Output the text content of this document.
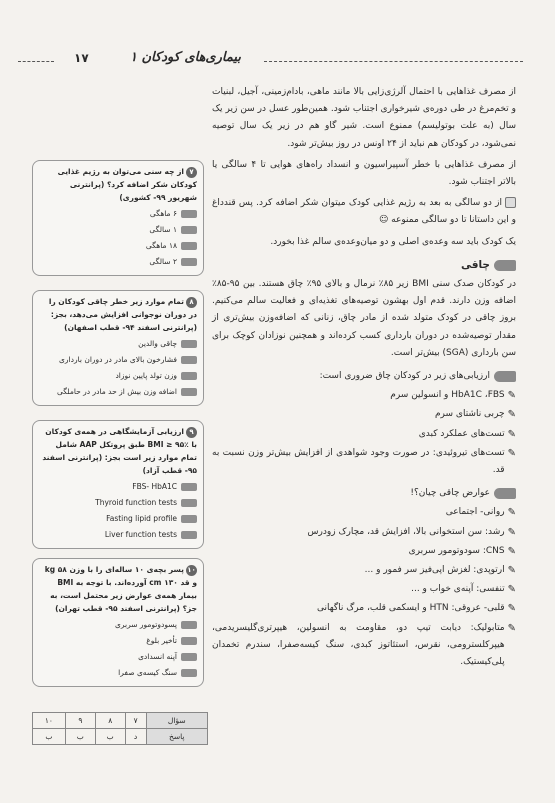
۱۷	بیماری‌های کودکان ۱

از مصرف غذاهایی با احتمال آلرژی‌زایی بالا مانند ماهی، بادام‌زمینی، آجیل، لبنیات و تخم‌مرغ در طی دوره‌ی شیرخواری اجتناب شود. همین‌طور عسل در سن زیر یک سال (به علت بوتولیسم) ممنوع است. شیر گاو هم در زیر یک سال توصیه نمی‌شود، در کودکان هم نباید از ۲۴ اونس در روز بیش‌تر شود.

از مصرف غذاهایی با خطر آسپیراسیون و انسداد راه‌های هوایی تا ۴ سالگی یا بالاتر اجتناب شود.

از دو سالگی به بعد به رژیم غذایی کودک میتوان شکر اضافه کرد. پس قندداغ و این داستانا تا دو سالگی ممنوعه ☺

یک کودک باید سه وعده‌ی اصلی و دو میان‌وعده‌ی سالم غذا بخورد.

چاقی

در کودکان صدک سنی BMI زیر ۸۵٪ نرمال و بالای ۹۵٪ چاق هستند. بین ۹۵-۸۵٪ اضافه وزن دارند. قدم اول بهشون توصیه‌های تغذیه‌ای و فعالیت سالم می‌کنیم. بروز چاقی در کودک متولد شده از مادر چاق، زنانی که اضافه‌وزن بیش‌تری از مقدار توصیه‌شده در دوران بارداری کسب کرده‌اند و همچنین نوزادان کوچک برای سن بارداری (SGA) بیش‌تر است.

ارزیابی‌های زیر در کودکان چاق ضروری است:
✎
HbA1C ،FBS و انسولین سرم
✎
چربی ناشتای سرم
✎
تست‌های عملکرد کبدی
✎
تست‌های تیروئیدی: در صورت وجود شواهدی از افزایش بیش‌تر وزن نسبت به قد.
عوارض چاقی چیان؟!
✎
روانی- اجتماعی
✎
رشد: سن استخوانی بالا، افزایش قد، مچارک زودرس
✎
CNS: سودوتومور سربری
✎
ارتوپدی: لغزش اپی‌فیز سر فمور و ...
✎
تنفسی: آپنه‌ی خواب و ...
✎
قلبی- عروقی: HTN و ایسکمی قلب، مرگ ناگهانی
✎
متابولیک: دیابت تیپ دو، مقاومت به انسولین، هیپرتری‌گلیسریدمی، هیپرکلسترومی، نقرس، استئاتوز کبدی، سنگ کیسه‌صفرا، سندرم تخمدان پلی‌کیستیک.
۷از چه سنی می‌توان به رژیم غذایی کودکان شکر اضافه کرد؟ (پرانترنی شهریور ۹۹- کشوری)
۶ ماهگی
۱ سالگی
۱۸ ماهگی
۲ سالگی
۸تمام موارد زیر خطر چاقی کودکان را در دوران نوجوانی افزایش می‌دهد، بجز: (پرانترنی اسفند ۹۴- قطب اصفهان)
چاقی والدین
فشارخون بالای مادر در دوران بارداری
وزن تولد پایین نوزاد
اضافه وزن بیش از حد مادر در حاملگی
۹ارزیابی آزمایشگاهی در همه‌ی کودکان با BMI ≥ ۹۵٪ طبق پروتکل AAP شامل تمام موارد زیر است بجز: (پرانترنی اسفند ۹۵- قطب آزاد)
FBS- HbA1C
Thyroid function tests
Fasting lipid profile
Liver function tests
۱۰پسر بچه‌ی ۱۰ ساله‌ای را با وزن ۵۸ kg و قد ۱۳۰ cm آورده‌اند. با توجه به BMI بیمار همه‌ی عوارض زیر محتمل است، به جز؟ (پرانترنی اسفند ۹۵- قطب تهران)
پسودوتومور سربری
تأخیر بلوغ
آپنه انسدادی
سنگ کیسه‌ی صفرا
سؤال	۷	۸	۹	۱۰
پاسخ	د	ب	ب	ب
